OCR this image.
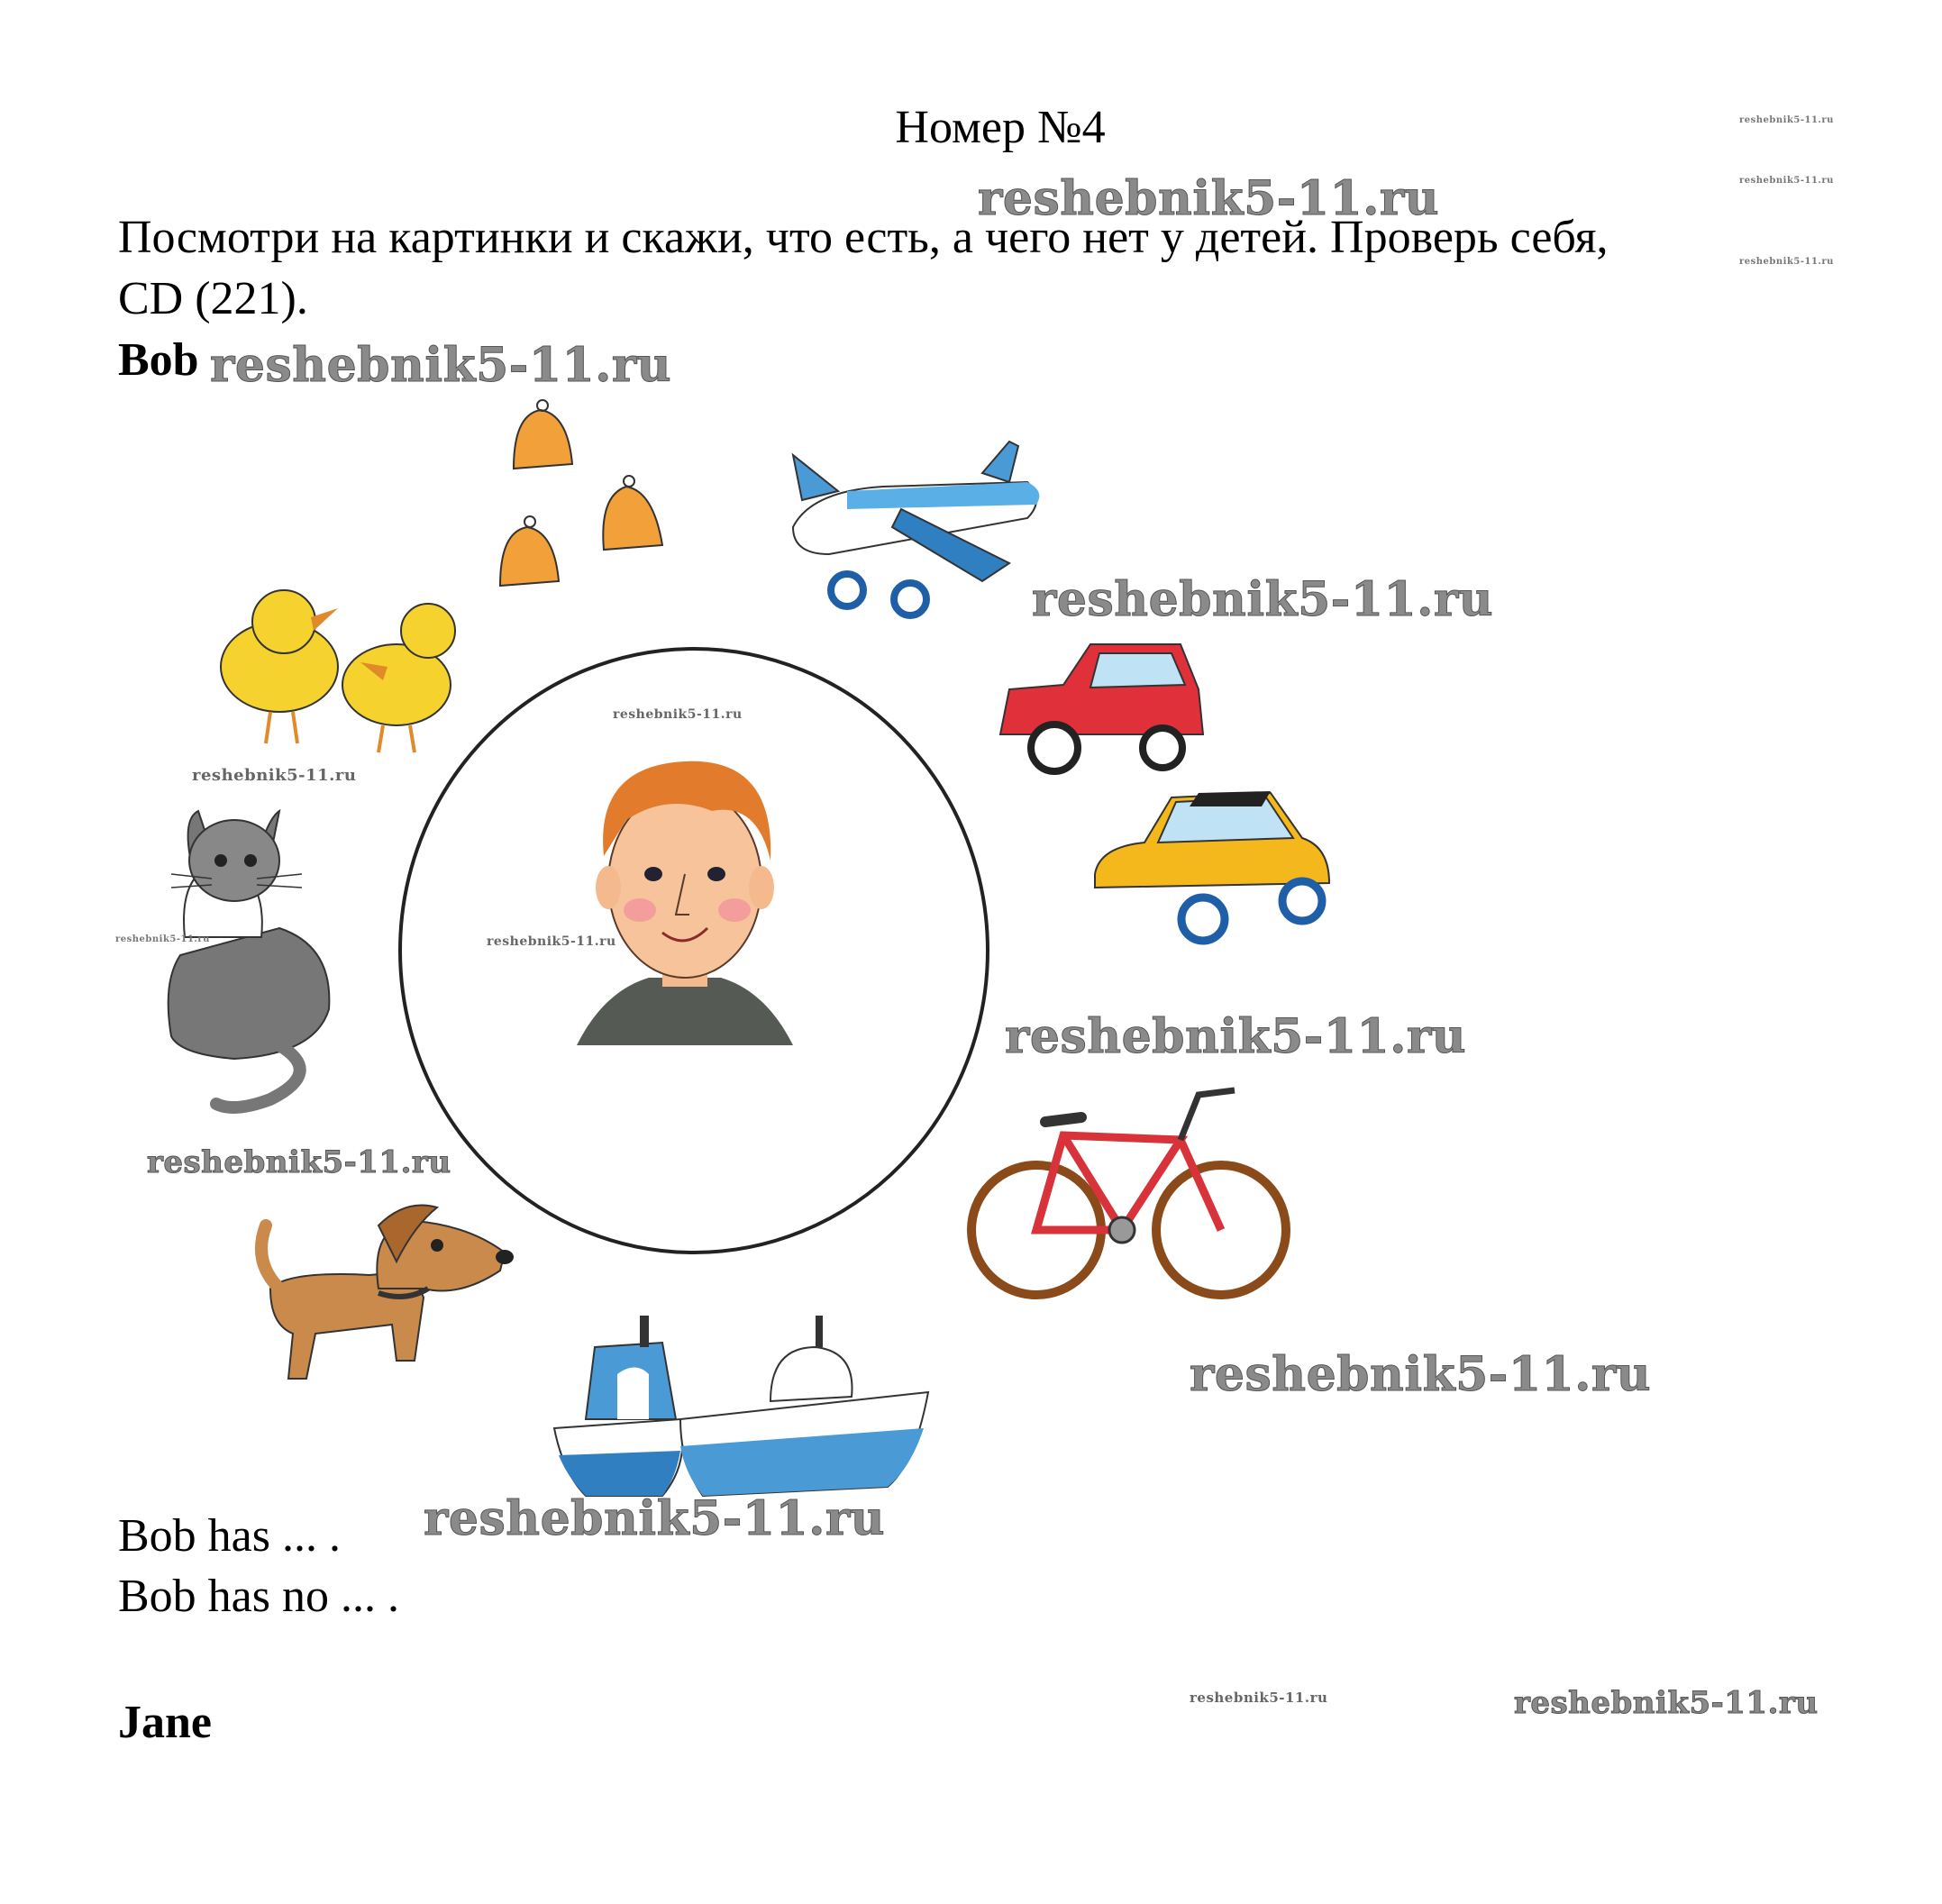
Номер №4
Посмотри на картинки и скажи, что есть, а чего нет у детей. Проверь себя,
CD (221).
Bob
Bob has ... .
Bob has no ... .
Jane
reshebnik5-11.ru
reshebnik5-11.ru
reshebnik5-11.ru
reshebnik5-11.ru
reshebnik5-11.ru
reshebnik5-11.ru
reshebnik5-11.ru
reshebnik5-11.ru
reshebnik5-11.ru
reshebnik5-11.ru
reshebnik5-11.ru
reshebnik5-11.ru
reshebnik5-11.ru
reshebnik5-11.ru
reshebnik5-11.ru
reshebnik5-11.ru
